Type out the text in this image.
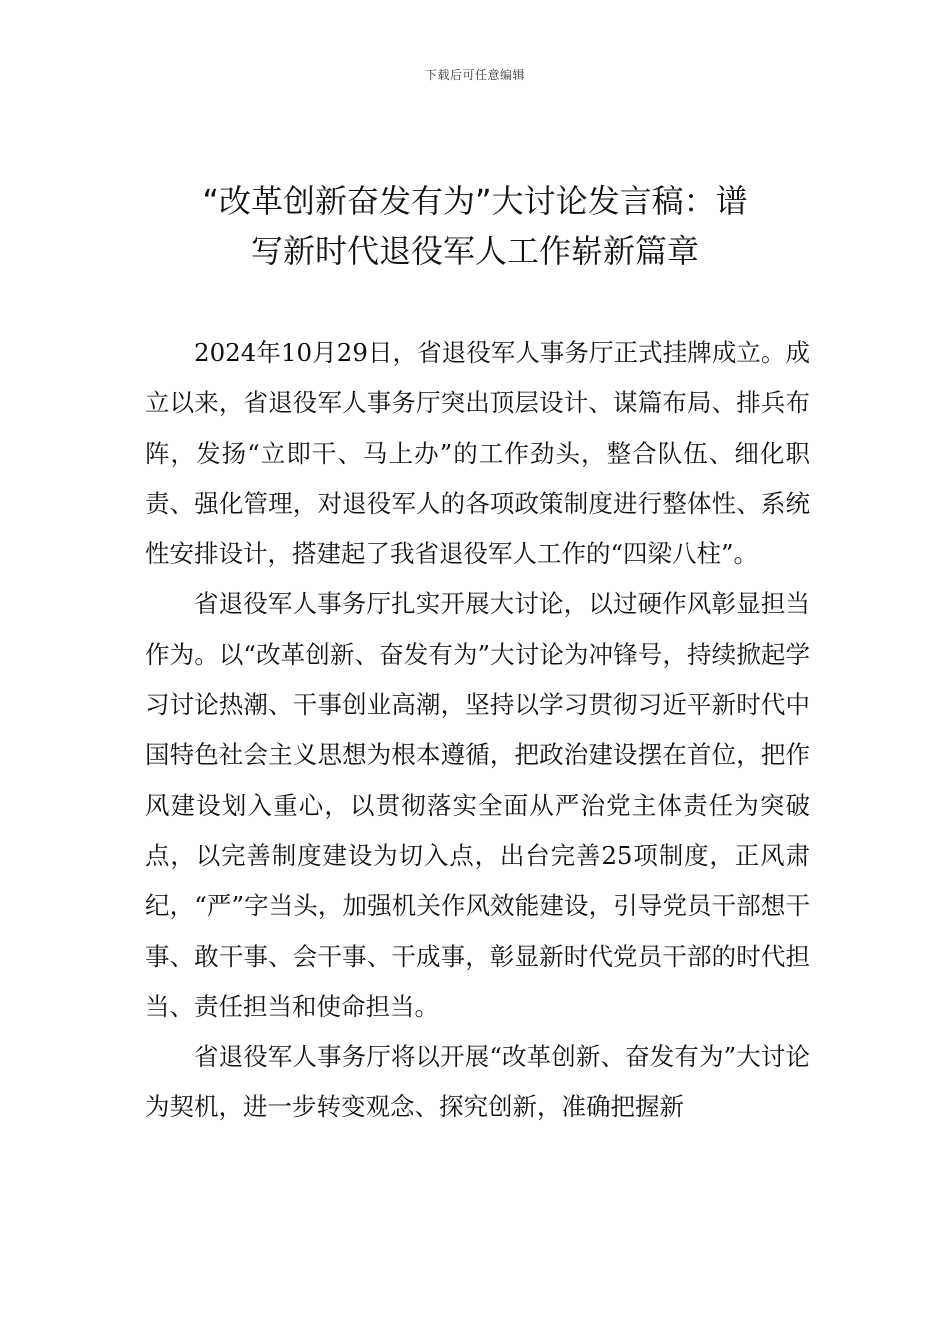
下载后可任意编辑
“改革创新奋发有为”大讨论发言稿：谱
写新时代退役军人工作崭新篇章

2024年10月29日，省退役军人事务厅正式挂牌成立。成立以来，省退役军人事务厅突出顶层设计、谋篇布局、排兵布阵，发扬“立即干、马上办”的工作劲头，整合队伍、细化职责、强化管理，对退役军人的各项政策制度进行整体性、系统性安排设计，搭建起了我省退役军人工作的“四梁八柱”。

省退役军人事务厅扎实开展大讨论，以过硬作风彰显担当作为。以“改革创新、奋发有为”大讨论为冲锋号，持续掀起学习讨论热潮、干事创业高潮，坚持以学习贯彻习近平新时代中国特色社会主义思想为根本遵循，把政治建设摆在首位，把作风建设划入重心，以贯彻落实全面从严治党主体责任为突破点，以完善制度建设为切入点，出台完善25项制度，正风肃纪，“严”字当头，加强机关作风效能建设，引导党员干部想干事、敢干事、会干事、干成事，彰显新时代党员干部的时代担当、责任担当和使命担当。

省退役军人事务厅将以开展“改革创新、奋发有为”大讨论为契机，进一步转变观念、探究创新，准确把握新
